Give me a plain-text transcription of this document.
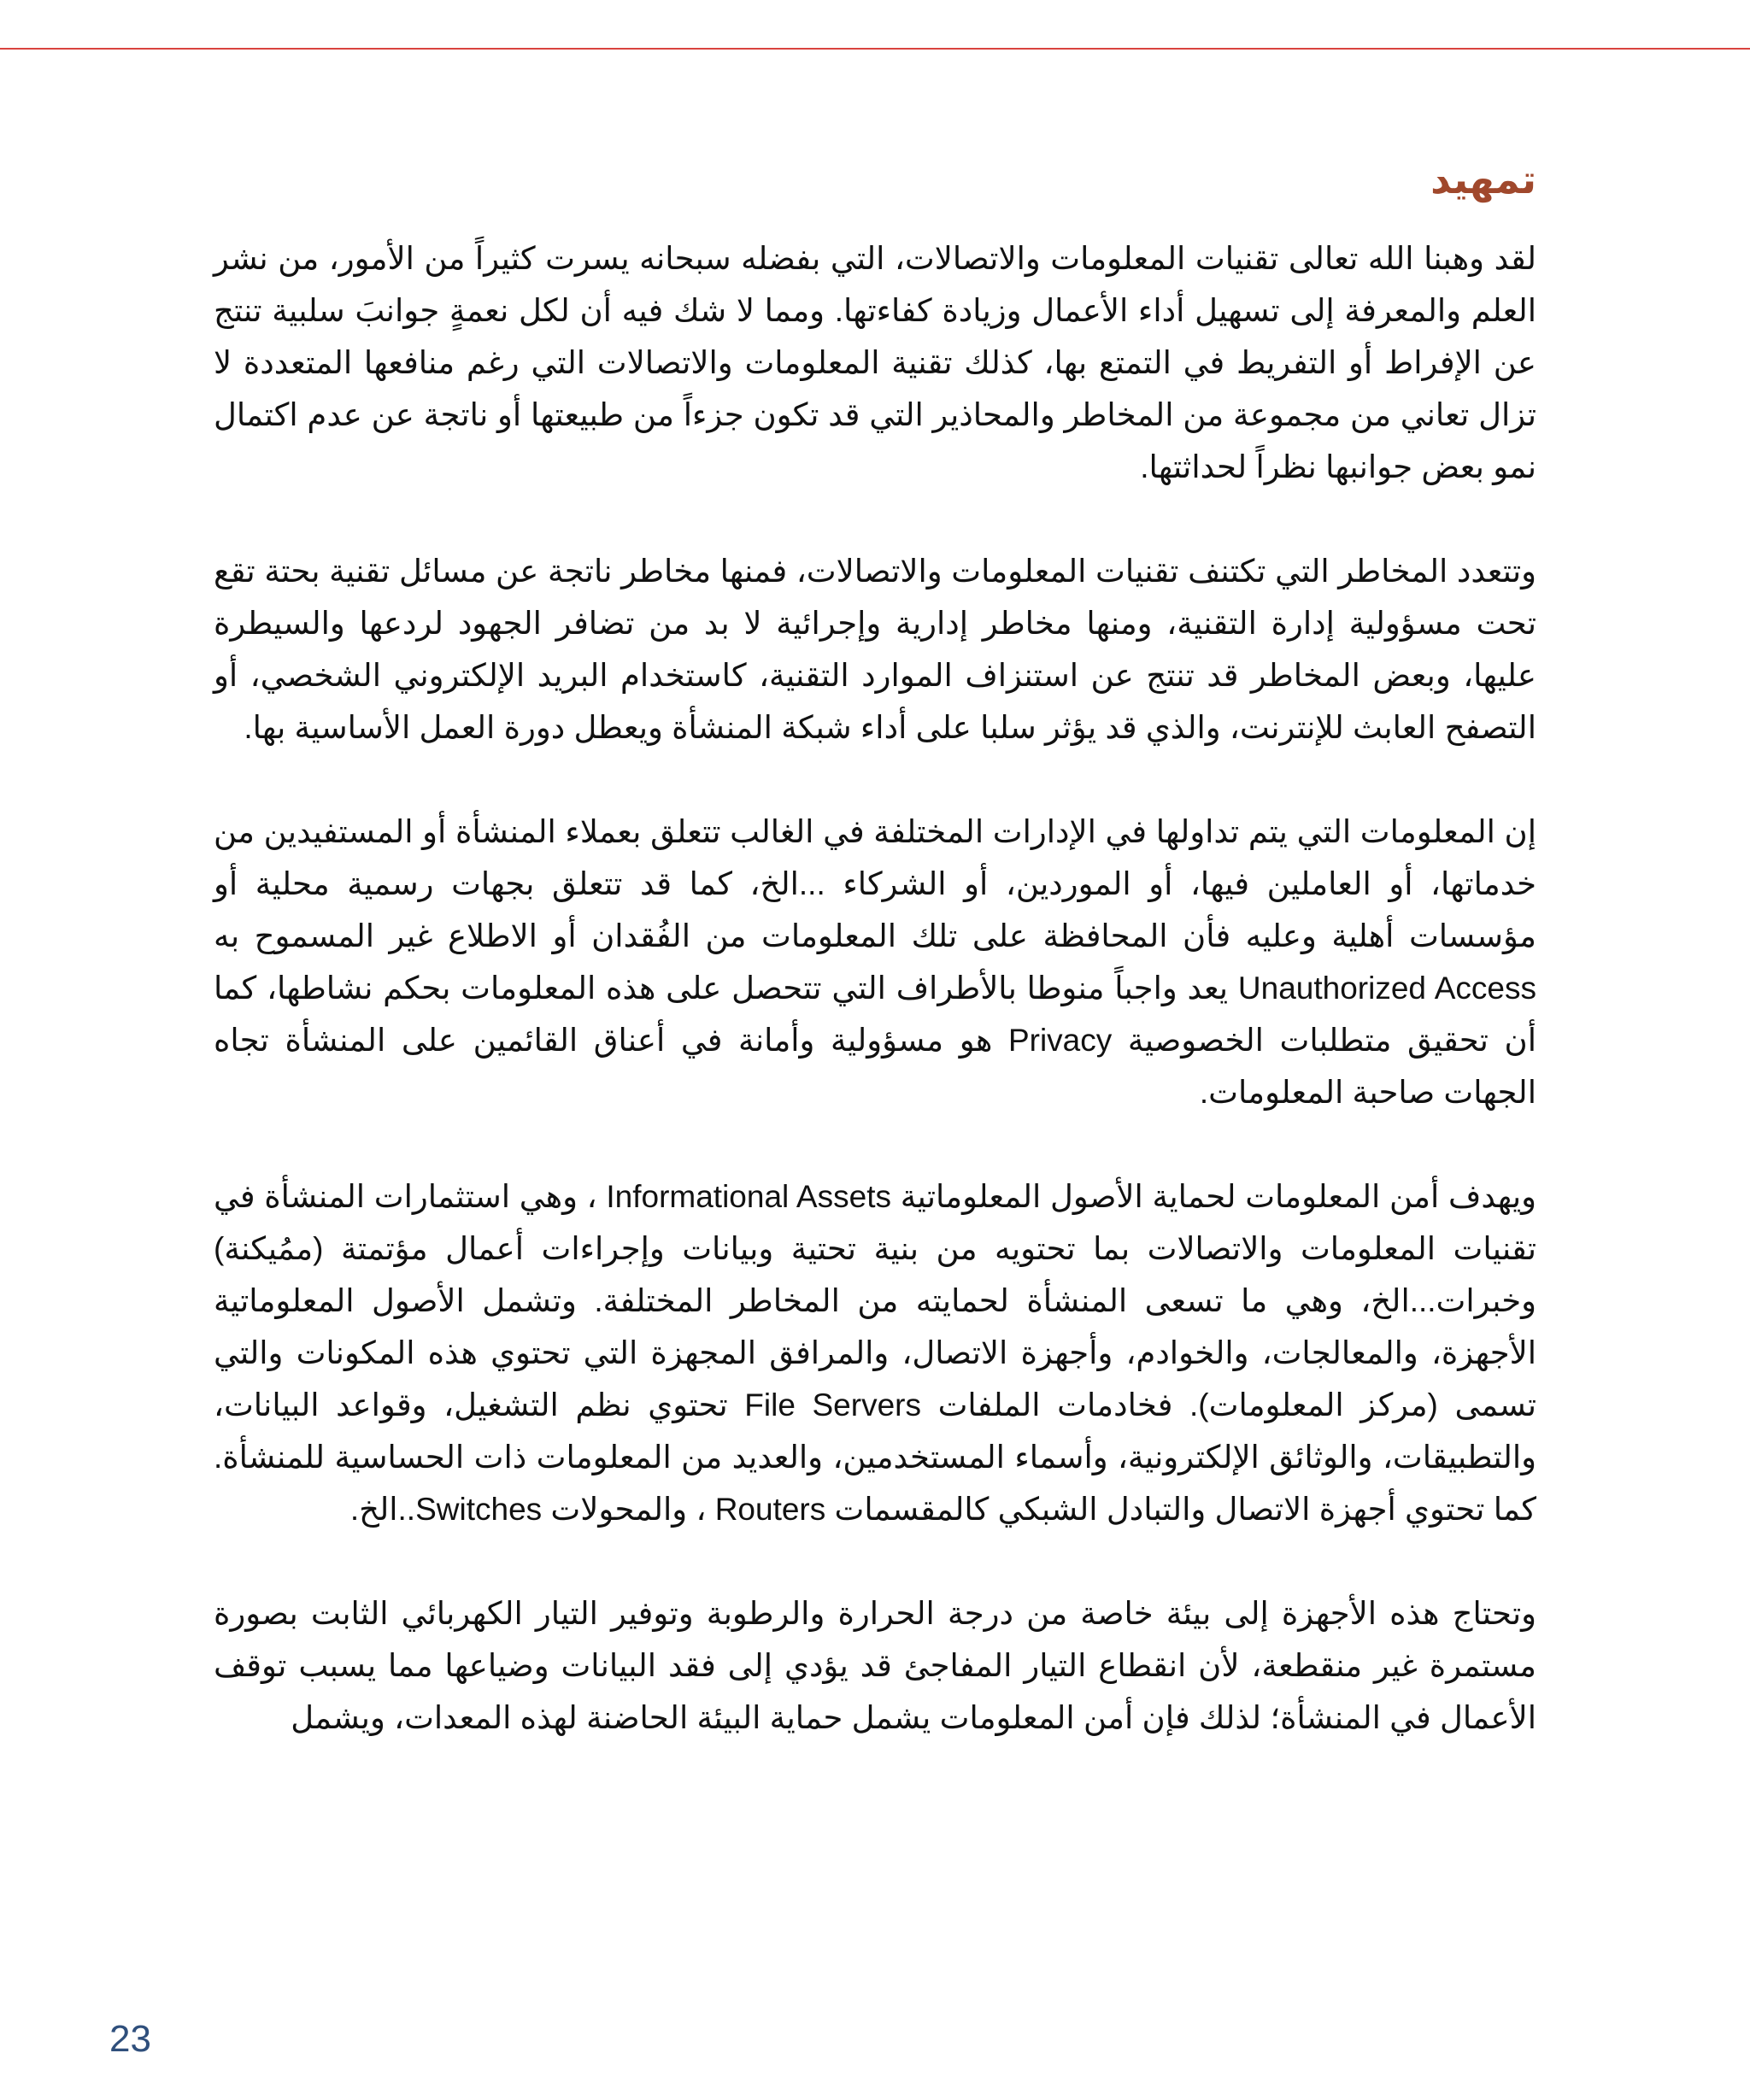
تمهيد

لقد وهبنا الله تعالى تقنيات المعلومات والاتصالات، التي بفضله سبحانه يسرت كثيراً من الأمور، من نشر العلم والمعرفة إلى تسهيل أداء الأعمال وزيادة كفاءتها. ومما لا شك فيه أن لكل نعمةٍ جوانبَ سلبية تنتج عن الإفراط أو التفريط في التمتع بها، كذلك تقنية المعلومات والاتصالات التي رغم منافعها المتعددة لا تزال تعاني من مجموعة من المخاطر والمحاذير التي قد تكون جزءاً من طبيعتها أو ناتجة عن عدم اكتمال نمو بعض جوانبها نظراً لحداثتها.

وتتعدد المخاطر التي تكتنف تقنيات المعلومات والاتصالات، فمنها مخاطر ناتجة عن مسائل تقنية بحتة تقع تحت مسؤولية إدارة التقنية، ومنها مخاطر إدارية وإجرائية لا بد من تضافر الجهود لردعها والسيطرة عليها، وبعض المخاطر قد تنتج عن استنزاف الموارد التقنية، كاستخدام البريد الإلكتروني الشخصي، أو التصفح العابث للإنترنت، والذي قد يؤثر سلبا على أداء شبكة المنشأة ويعطل دورة العمل الأساسية بها.

إن المعلومات التي يتم تداولها في الإدارات المختلفة في الغالب تتعلق بعملاء المنشأة أو المستفيدين من خدماتها، أو العاملين فيها، أو الموردين، أو الشركاء ...الخ، كما قد تتعلق بجهات رسمية محلية أو مؤسسات أهلية وعليه فأن المحافظة على تلك المعلومات من الفُقدان أو الاطلاع غير المسموح به Unauthorized Access يعد واجباً منوطا بالأطراف التي تتحصل على هذه المعلومات بحكم نشاطها، كما أن تحقيق متطلبات الخصوصية Privacy هو مسؤولية وأمانة في أعناق القائمين على المنشأة تجاه الجهات صاحبة المعلومات.

ويهدف أمن المعلومات لحماية الأصول المعلوماتية Informational Assets ، وهي استثمارات المنشأة في تقنيات المعلومات والاتصالات بما تحتويه من بنية تحتية وبيانات وإجراءات أعمال مؤتمتة (ممُيكنة) وخبرات...الخ، وهي ما تسعى المنشأة لحمايته من المخاطر المختلفة. وتشمل الأصول المعلوماتية الأجهزة، والمعالجات، والخوادم، وأجهزة الاتصال، والمرافق المجهزة التي تحتوي هذه المكونات والتي تسمى (مركز المعلومات). فخادمات الملفات File Servers تحتوي نظم التشغيل، وقواعد البيانات، والتطبيقات، والوثائق الإلكترونية، وأسماء المستخدمين، والعديد من المعلومات ذات الحساسية للمنشأة. كما تحتوي أجهزة الاتصال والتبادل الشبكي كالمقسمات Routers ، والمحولات Switches..الخ.

وتحتاج هذه الأجهزة إلى بيئة خاصة من درجة الحرارة والرطوبة وتوفير التيار الكهربائي الثابت بصورة مستمرة غير منقطعة، لأن انقطاع التيار المفاجئ قد يؤدي إلى فقد البيانات وضياعها مما يسبب توقف الأعمال في المنشأة؛ لذلك فإن أمن المعلومات يشمل حماية البيئة الحاضنة لهذه المعدات، ويشمل

23
